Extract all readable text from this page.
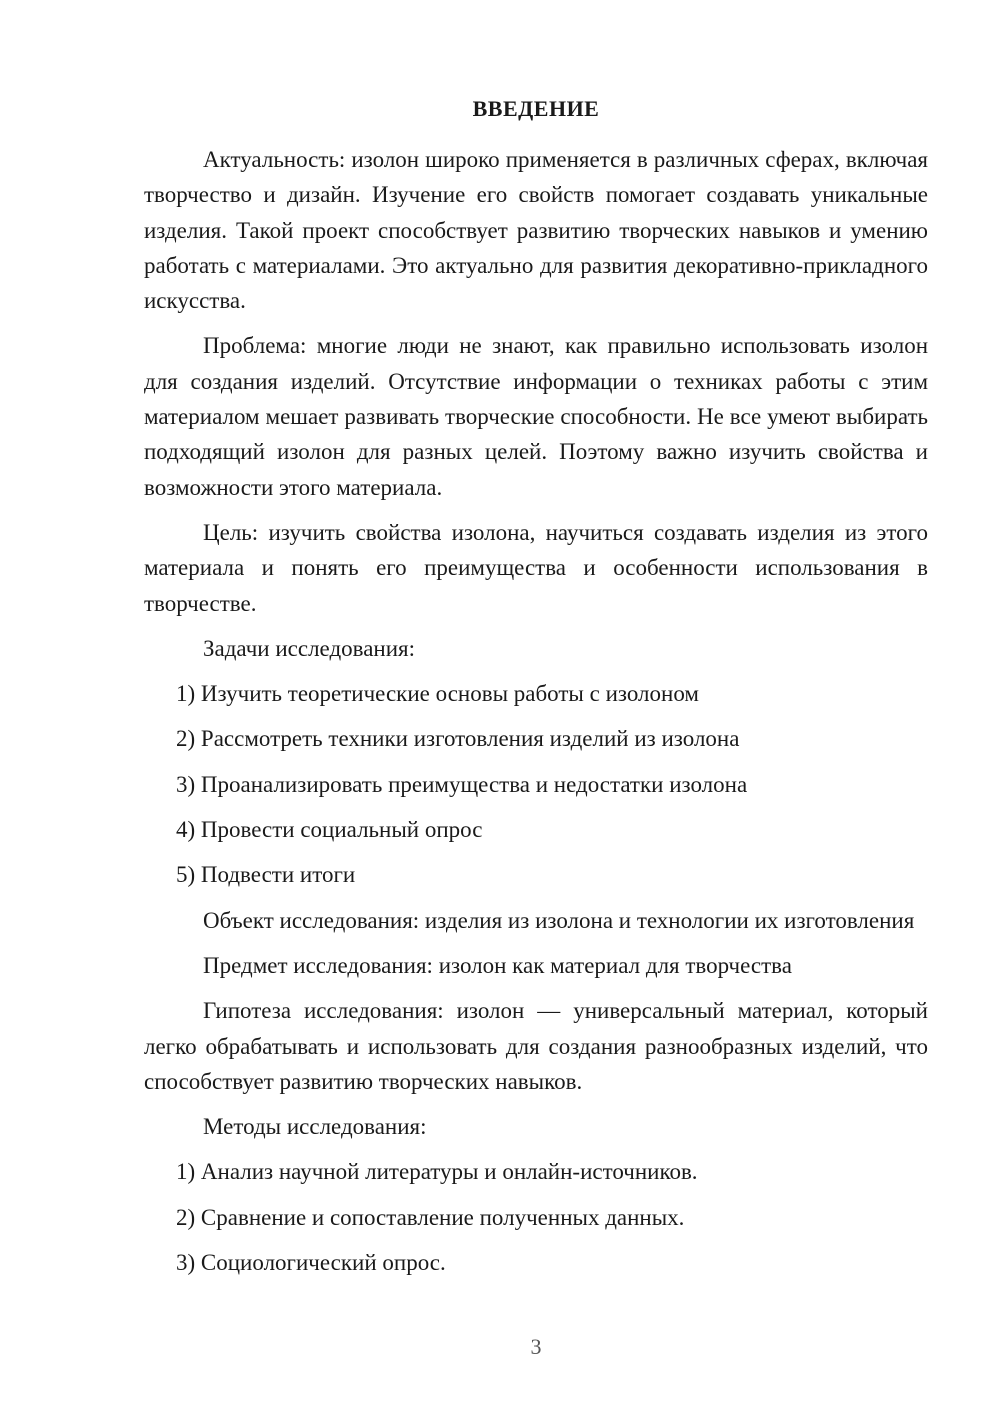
ВВЕДЕНИЕ

Актуальность: изолон широко применяется в различных сферах, включая творчество и дизайн. Изучение его свойств помогает создавать уникальные изделия. Такой проект способствует развитию творческих навыков и умению работать с материалами. Это актуально для развития декоративно-прикладного искусства.

Проблема: многие люди не знают, как правильно использовать изолон для создания изделий. Отсутствие информации о техниках работы с этим материалом мешает развивать творческие способности. Не все умеют выбирать подходящий изолон для разных целей. Поэтому важно изучить свойства и возможности этого материала.

Цель: изучить свойства изолона, научиться создавать изделия из этого материала и понять его преимущества и особенности использования в творчестве.

Задачи исследования:

1) Изучить теоретические основы работы с изолоном
2) Рассмотреть техники изготовления изделий из изолона
3) Проанализировать преимущества и недостатки изолона
4) Провести социальный опрос
5) Подвести итоги

Объект исследования: изделия из изолона и технологии их изготовления

Предмет исследования: изолон как материал для творчества

Гипотеза исследования: изолон — универсальный материал, который легко обрабатывать и использовать для создания разнообразных изделий, что способствует развитию творческих навыков.

Методы исследования:

1) Анализ научной литературы и онлайн-источников.
2) Сравнение и сопоставление полученных данных.
3) Социологический опрос.
3
